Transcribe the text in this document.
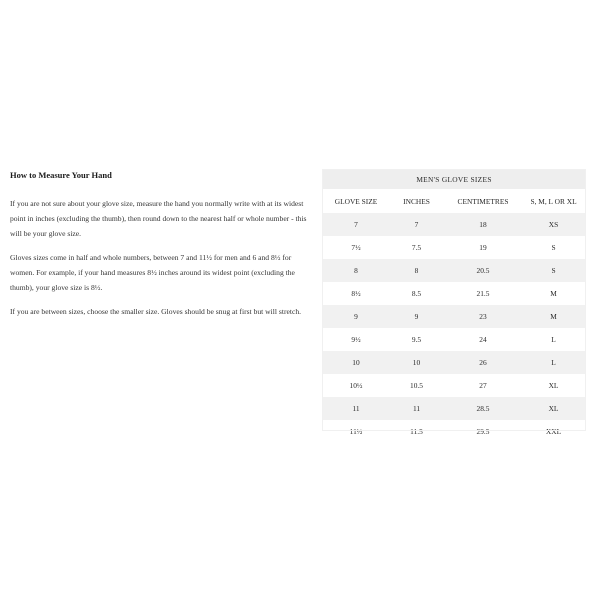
How to Measure Your Hand

If you are not sure about your glove size, measure the hand you normally write with at its widest point in inches (excluding the thumb), then round down to the nearest half or whole number - this will be your glove size.

Gloves sizes come in half and whole numbers, between 7 and 11½ for men and 6 and 8½ for women. For example, if your hand measures 8½ inches around its widest point (excluding the thumb), your glove size is 8½.

If you are between sizes, choose the smaller size. Gloves should be snug at first but will stretch.

MEN'S GLOVE SIZES			
GLOVE SIZE	INCHES	CENTIMETRES	S, M, L OR XL
7	7	18	XS
7½	7.5	19	S
8	8	20.5	S
8½	8.5	21.5	M
9	9	23	M
9½	9.5	24	L
10	10	26	L
10½	10.5	27	XL
11	11	28.5	XL
11½	11.5	29.5	XXL
